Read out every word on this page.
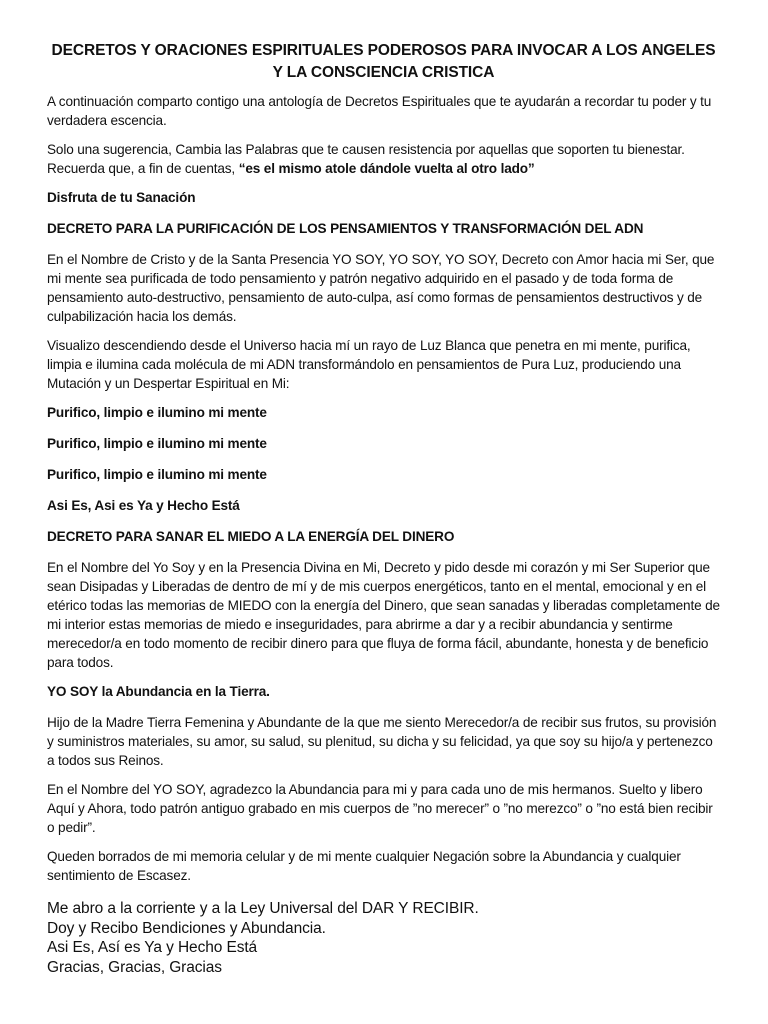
DECRETOS Y ORACIONES ESPIRITUALES PODEROSOS PARA INVOCAR A LOS ANGELES Y LA CONSCIENCIA CRISTICA

A continuación comparto contigo una antología de Decretos Espirituales que te ayudarán a recordar tu poder y tu verdadera escencia.

Solo una sugerencia, Cambia las Palabras que te causen resistencia por aquellas que soporten tu bienestar. Recuerda que, a fin de cuentas, “es el mismo atole dándole vuelta al otro lado”

Disfruta de tu Sanación

DECRETO PARA LA PURIFICACIÓN DE LOS PENSAMIENTOS Y TRANSFORMACIÓN DEL ADN

En el Nombre de Cristo y de la Santa Presencia YO SOY, YO SOY, YO SOY, Decreto con Amor hacia mi Ser, que mi mente sea purificada de todo pensamiento y patrón negativo adquirido en el pasado y de toda forma de pensamiento auto-destructivo, pensamiento de auto-culpa, así como formas de pensamientos destructivos y de culpabilización hacia los demás.

Visualizo descendiendo desde el Universo hacia mí un rayo de Luz Blanca que penetra en mi mente, purifica, limpia e ilumina cada molécula de mi ADN transformándolo en pensamientos de Pura Luz, produciendo una Mutación y un Despertar Espiritual en Mi:

Purifico, limpio e ilumino mi mente

Purifico, limpio e ilumino mi mente

Purifico, limpio e ilumino mi mente

Asi Es, Asi es Ya y Hecho Está

DECRETO PARA SANAR EL MIEDO A LA ENERGÍA DEL DINERO

En el Nombre del Yo Soy y en la Presencia Divina en Mi, Decreto y pido desde mi corazón y mi Ser Superior que sean Disipadas y Liberadas de dentro de mí y de mis cuerpos energéticos, tanto en el mental, emocional y en el etérico todas las memorias de MIEDO con la energía del Dinero, que sean sanadas y liberadas completamente de mi interior estas memorias de miedo e inseguridades, para abrirme a dar y a recibir abundancia y sentirme merecedor/a en todo momento de recibir dinero para que fluya de forma fácil, abundante, honesta y de beneficio para todos.

YO SOY la Abundancia en la Tierra.

Hijo de la Madre Tierra Femenina y Abundante de la que me siento Merecedor/a de recibir sus frutos, su provisión y suministros materiales, su amor, su salud, su plenitud, su dicha y su felicidad, ya que soy su hijo/a y pertenezco a todos sus Reinos.

En el Nombre del YO SOY, agradezco la Abundancia para mi y para cada uno de mis hermanos. Suelto y libero Aquí y Ahora, todo patrón antiguo grabado en mis cuerpos de ”no merecer” o ”no merezco” o ”no está bien recibir o pedir”.

Queden borrados de mi memoria celular y de mi mente cualquier Negación sobre la Abundancia y cualquier sentimiento de Escasez.

Me abro a la corriente y a la Ley Universal del DAR Y RECIBIR.
Doy y Recibo Bendiciones y Abundancia.
Asi Es, Así es Ya y Hecho Está
Gracias, Gracias, Gracias
